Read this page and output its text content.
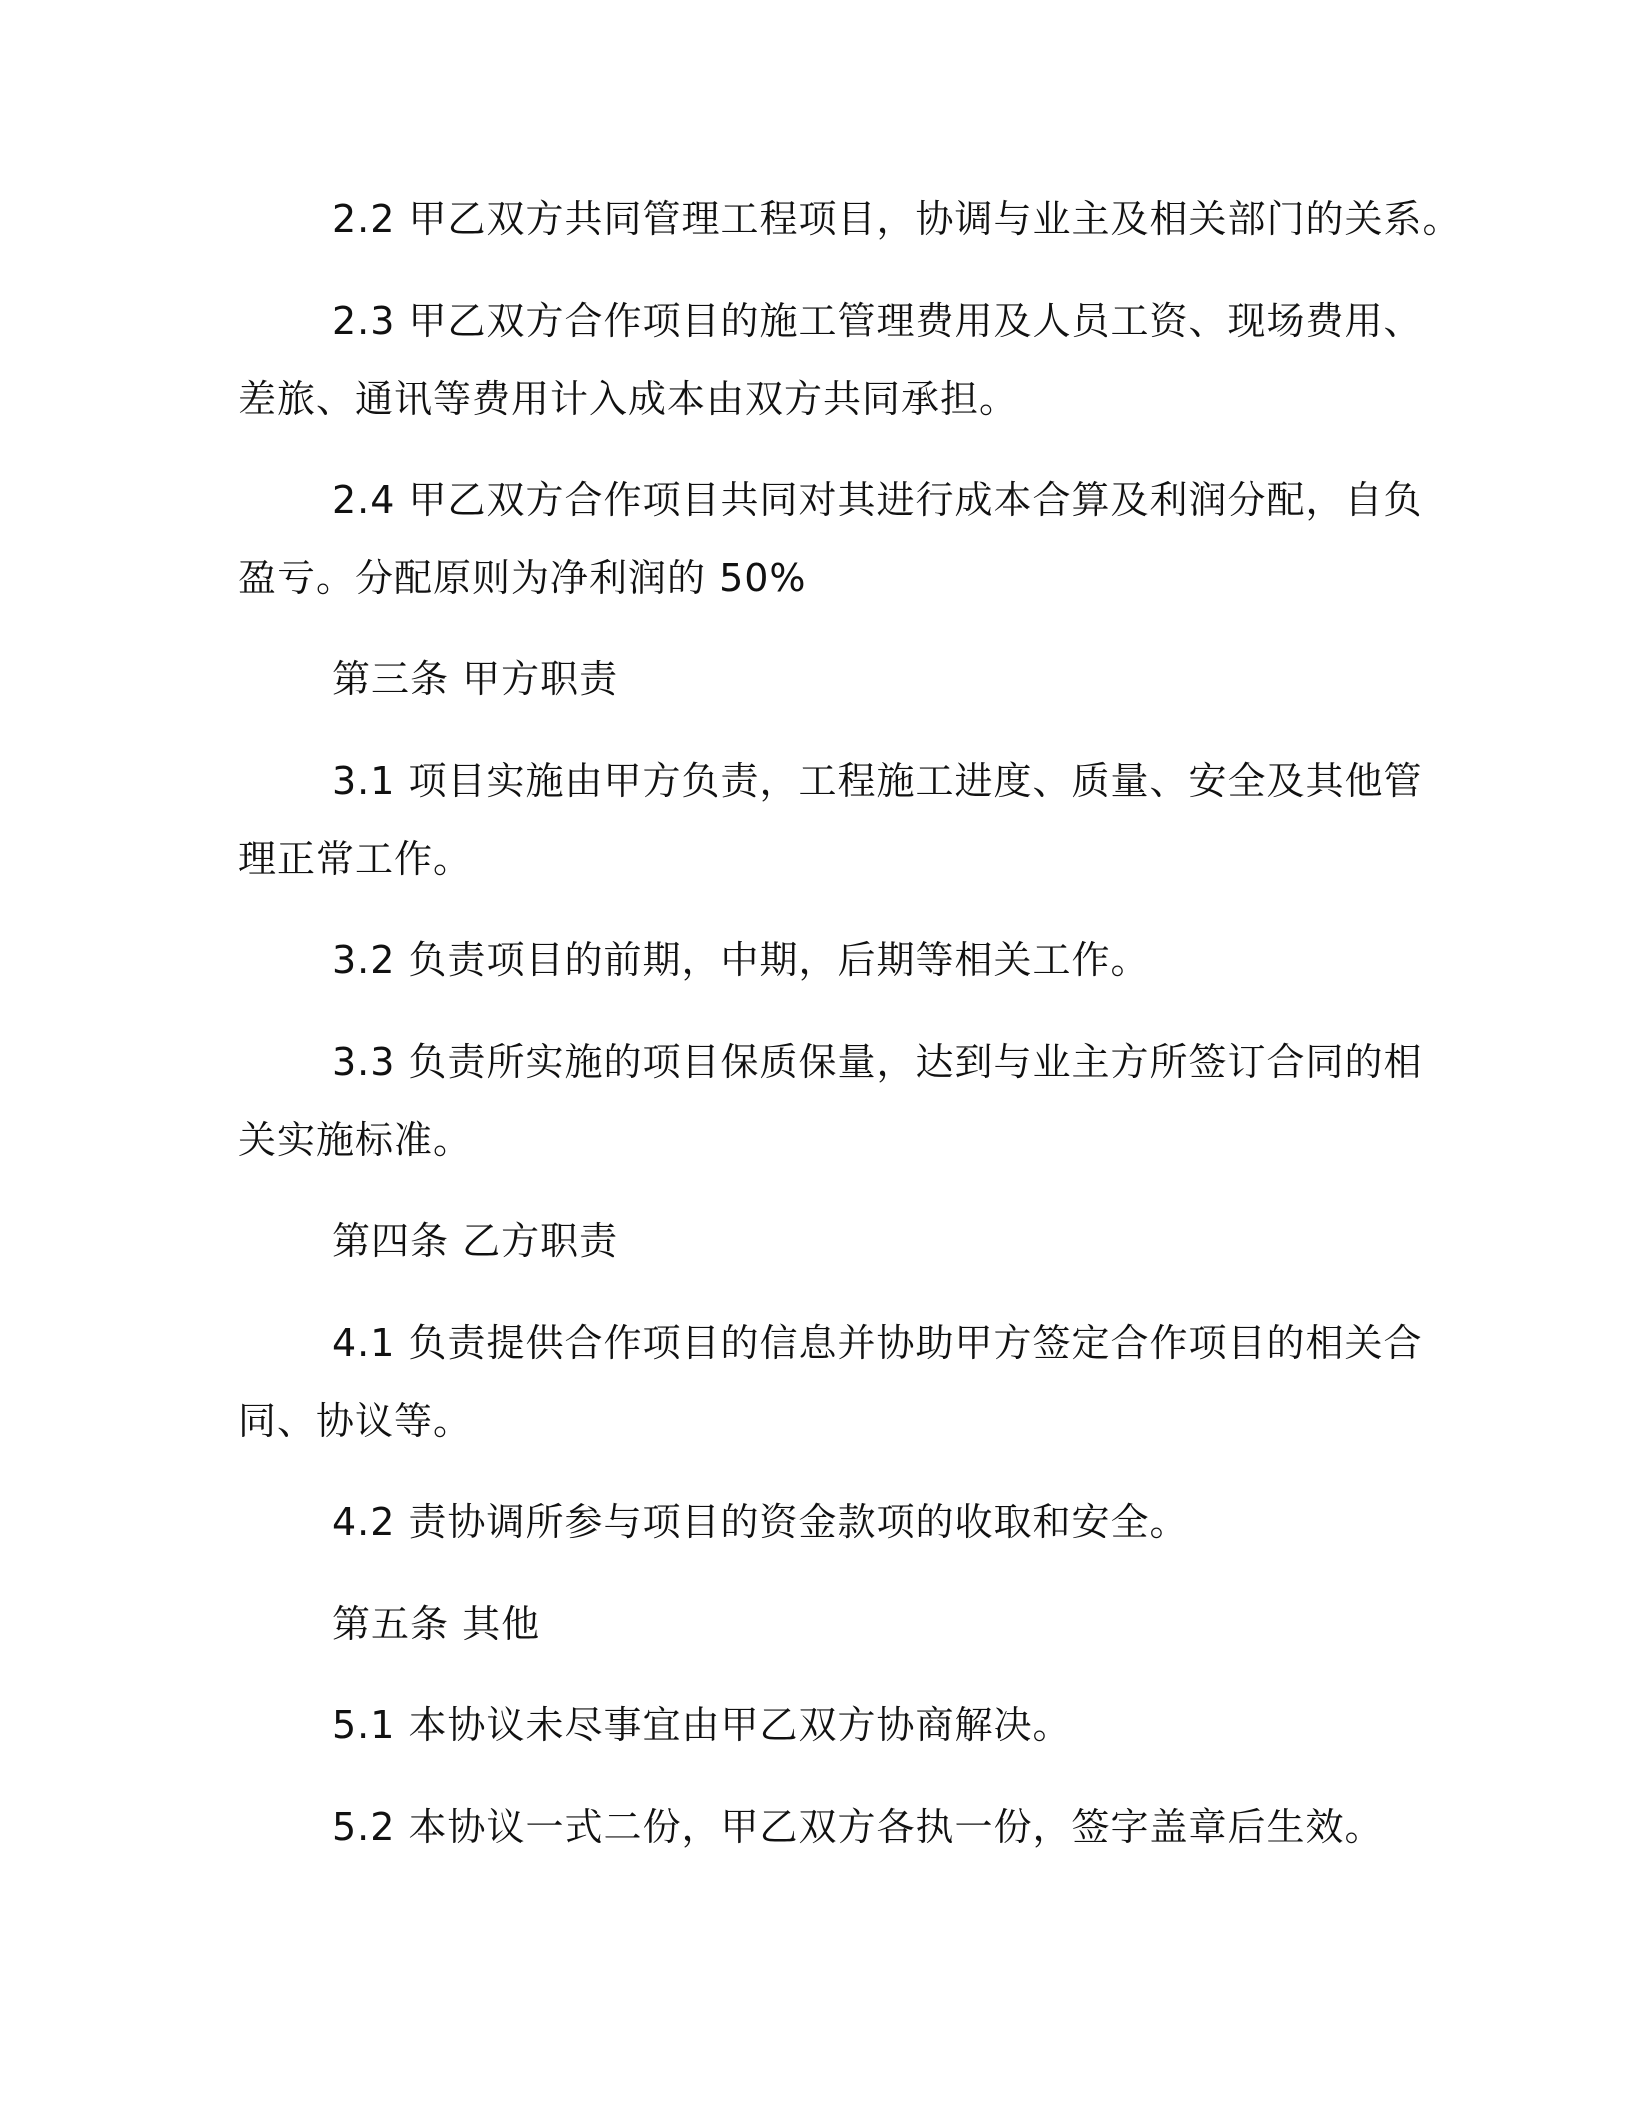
2.2 甲乙双方共同管理工程项目，协调与业主及相关部门的关系。
2.3 甲乙双方合作项目的施工管理费用及人员工资、现场费用、
差旅、通讯等费用计入成本由双方共同承担。
2.4 甲乙双方合作项目共同对其进行成本合算及利润分配，自负
盈亏。分配原则为净利润的 50%
第三条 甲方职责
3.1 项目实施由甲方负责，工程施工进度、质量、安全及其他管
理正常工作。
3.2 负责项目的前期，中期，后期等相关工作。
3.3 负责所实施的项目保质保量，达到与业主方所签订合同的相
关实施标准。
第四条 乙方职责
4.1 负责提供合作项目的信息并协助甲方签定合作项目的相关合
同、协议等。
4.2 责协调所参与项目的资金款项的收取和安全。
第五条 其他
5.1 本协议未尽事宜由甲乙双方协商解决。
5.2 本协议一式二份，甲乙双方各执一份，签字盖章后生效。
